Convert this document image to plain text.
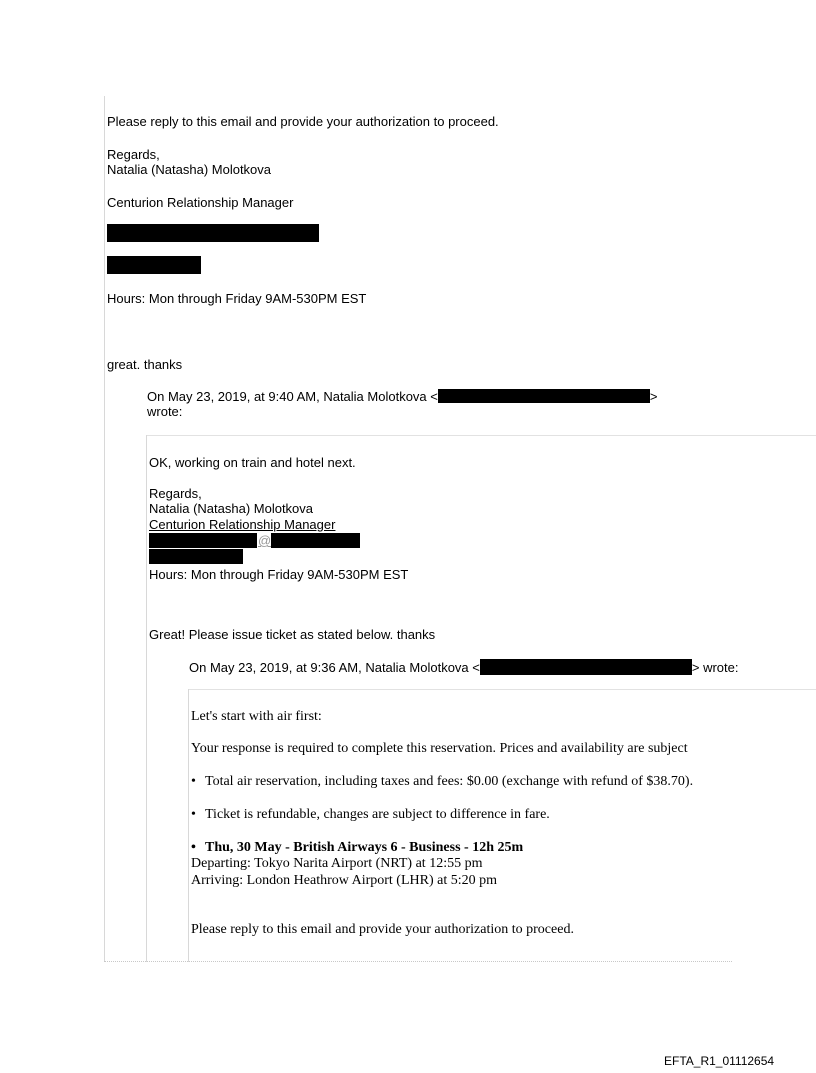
Please reply to this email and provide your authorization to proceed.
Regards,
Natalia (Natasha) Molotkova
Centurion Relationship Manager
Hours: Mon through Friday 9AM-530PM EST
great. thanks
On May 23, 2019, at 9:40 AM, Natalia Molotkova <	>
wrote:
OK, working on train and hotel next.
Regards,
Natalia (Natasha) Molotkova
Centurion Relationship Manager
@
Hours: Mon through Friday 9AM-530PM EST
Great! Please issue ticket as stated below. thanks
On May 23, 2019, at 9:36 AM, Natalia Molotkova <	> wrote:
Let's start with air first:
Your response is required to complete this reservation. Prices and availability are subject
• Total air reservation, including taxes and fees: $0.00 (exchange with refund of $38.70).
• Ticket is refundable, changes are subject to difference in fare.
• Thu, 30 May - British Airways 6 - Business - 12h 25m
Departing: Tokyo Narita Airport (NRT) at 12:55 pm
Arriving: London Heathrow Airport (LHR) at 5:20 pm
Please reply to this email and provide your authorization to proceed.
EFTA_R1_01112654
